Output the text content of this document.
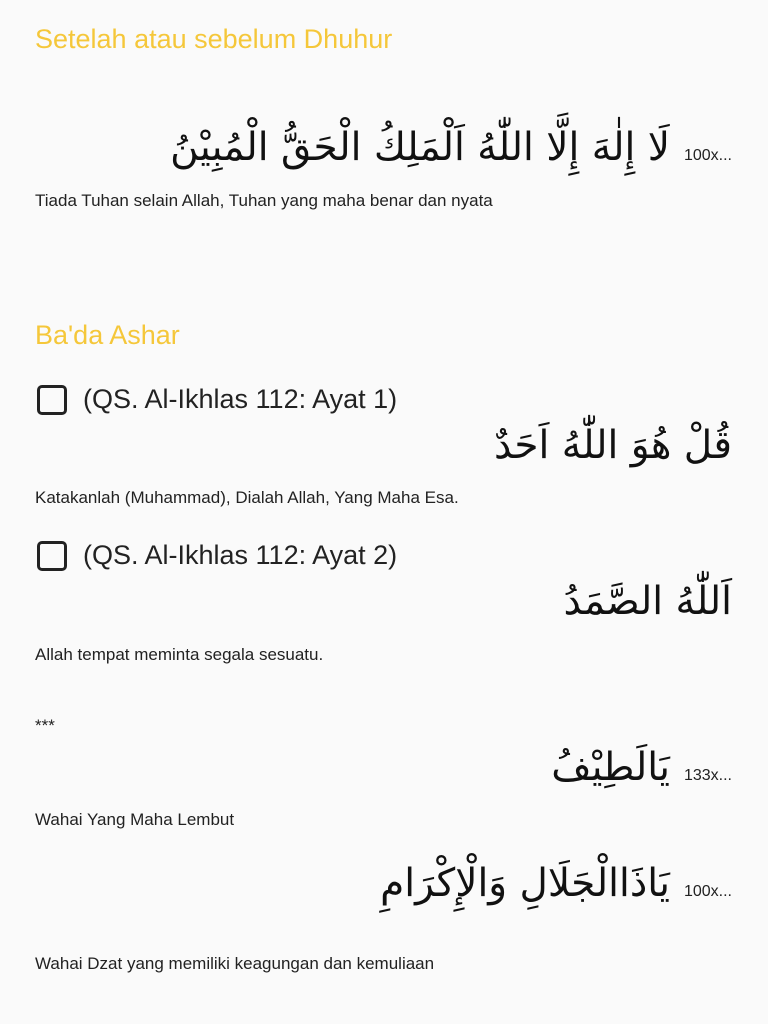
Setelah atau sebelum Dhuhur
لَا إِلٰهَ إِلَّا اللّٰهُ اَلْمَلِكُ الْحَقُّ الْمُبِيْنُ 100x...
Tiada Tuhan selain Allah, Tuhan yang maha benar dan nyata
Ba'da Ashar
(QS. Al-Ikhlas 112: Ayat 1)
قُلْ هُوَ اللّٰهُ اَحَدٌ
Katakanlah (Muhammad), Dialah Allah, Yang Maha Esa.
(QS. Al-Ikhlas 112: Ayat 2)
اَللّٰهُ الصَّمَدُ
Allah tempat meminta segala sesuatu.
***
يَالَطِيْفُ 133x...
Wahai Yang Maha Lembut
يَاذَاالْجَلَالِ وَالْإِكْرَامِ 100x...
Wahai Dzat yang memiliki keagungan dan kemuliaan
